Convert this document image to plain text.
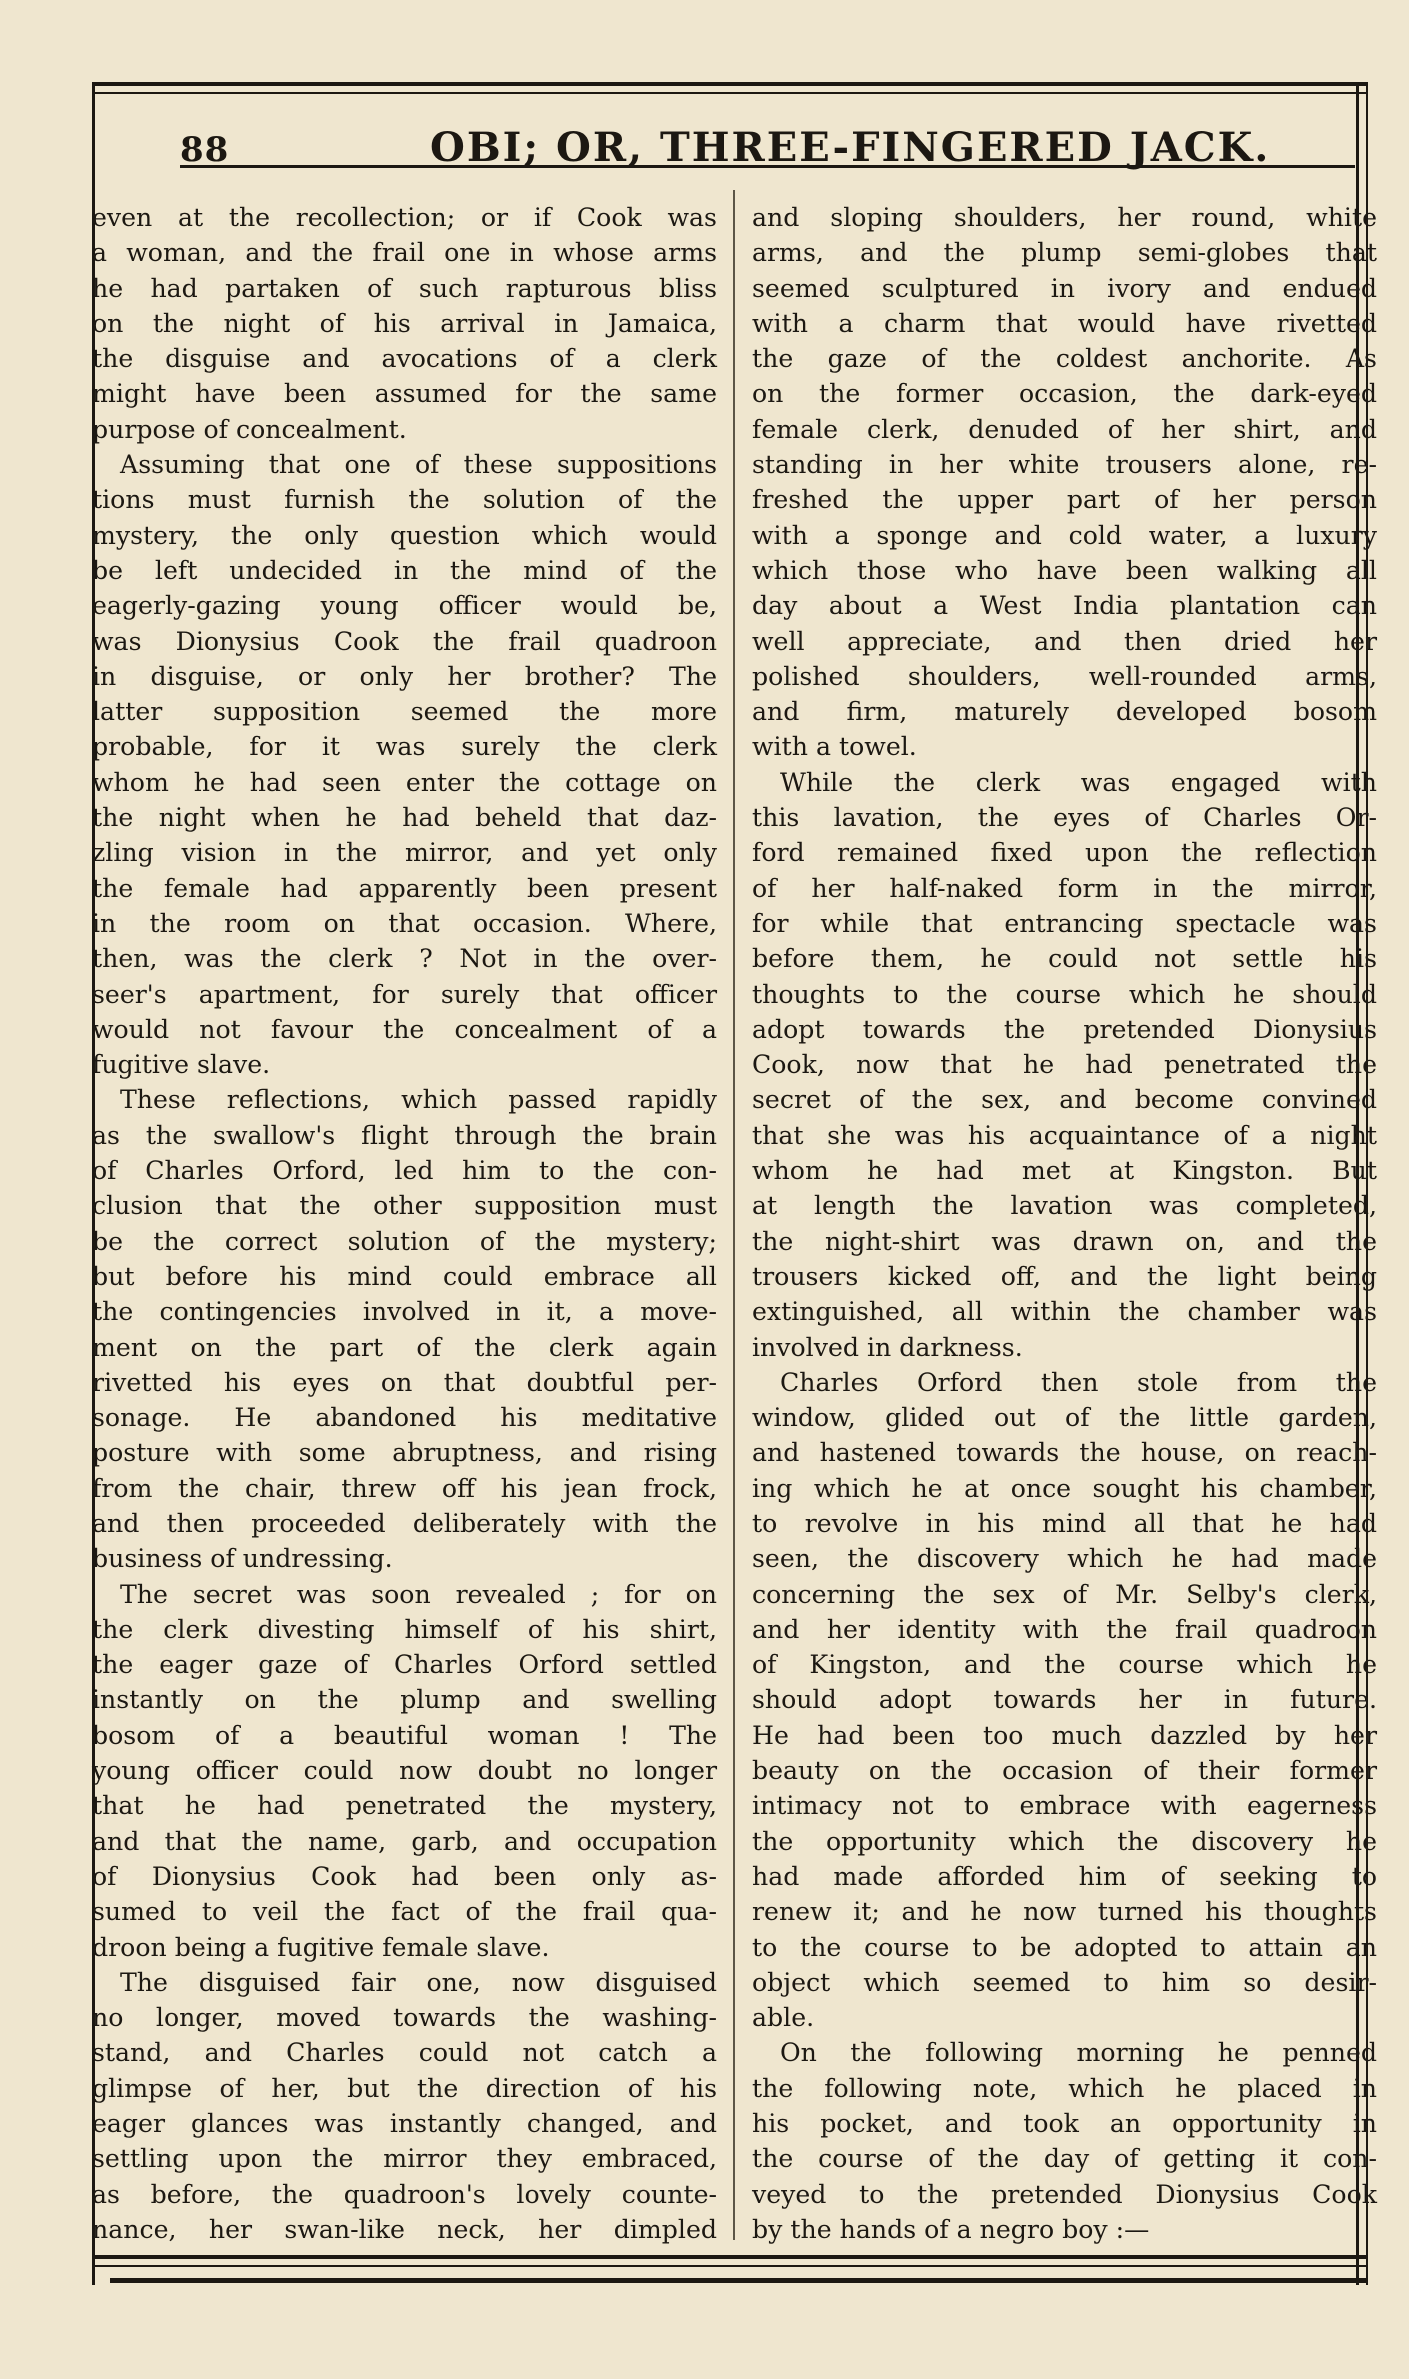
88	OBI; OR, THREE-FINGERED JACK.
even at the recollection; or if Cook was
a woman, and the frail one in whose arms
he had partaken of such rapturous bliss
on the night of his arrival in Jamaica,
the disguise and avocations of a clerk
might have been assumed for the same
purpose of concealment.
Assuming that one of these suppositions
tions must furnish the solution of the
mystery, the only question which would
be left undecided in the mind of the
eagerly-gazing young officer would be,
was Dionysius Cook the frail quadroon
in disguise, or only her brother? The
latter supposition seemed the more
probable, for it was surely the clerk
whom he had seen enter the cottage on
the night when he had beheld that daz-
zling vision in the mirror, and yet only
the female had apparently been present
in the room on that occasion. Where,
then, was the clerk ? Not in the over-
seer's apartment, for surely that officer
would not favour the concealment of a
fugitive slave.
These reflections, which passed rapidly
as the swallow's flight through the brain
of Charles Orford, led him to the con-
clusion that the other supposition must
be the correct solution of the mystery;
but before his mind could embrace all
the contingencies involved in it, a move-
ment on the part of the clerk again
rivetted his eyes on that doubtful per-
sonage. He abandoned his meditative
posture with some abruptness, and rising
from the chair, threw off his jean frock,
and then proceeded deliberately with the
business of undressing.
The secret was soon revealed ; for on
the clerk divesting himself of his shirt,
the eager gaze of Charles Orford settled
instantly on the plump and swelling
bosom of a beautiful woman ! The
young officer could now doubt no longer
that he had penetrated the mystery,
and that the name, garb, and occupation
of Dionysius Cook had been only as-
sumed to veil the fact of the frail qua-
droon being a fugitive female slave.
The disguised fair one, now disguised
no longer, moved towards the washing-
stand, and Charles could not catch a
glimpse of her, but the direction of his
eager glances was instantly changed, and
settling upon the mirror they embraced,
as before, the quadroon's lovely counte-
nance, her swan-like neck, her dimpled
and sloping shoulders, her round, white
arms, and the plump semi-globes that
seemed sculptured in ivory and endued
with a charm that would have rivetted
the gaze of the coldest anchorite. As
on the former occasion, the dark-eyed
female clerk, denuded of her shirt, and
standing in her white trousers alone, re-
freshed the upper part of her person
with a sponge and cold water, a luxury
which those who have been walking all
day about a West India plantation can
well appreciate, and then dried her
polished shoulders, well-rounded arms,
and firm, maturely developed bosom
with a towel.
While the clerk was engaged with
this lavation, the eyes of Charles Or-
ford remained fixed upon the reflection
of her half-naked form in the mirror,
for while that entrancing spectacle was
before them, he could not settle his
thoughts to the course which he should
adopt towards the pretended Dionysius
Cook, now that he had penetrated the
secret of the sex, and become convined
that she was his acquaintance of a night
whom he had met at Kingston. But
at length the lavation was completed,
the night-shirt was drawn on, and the
trousers kicked off, and the light being
extinguished, all within the chamber was
involved in darkness.
Charles Orford then stole from the
window, glided out of the little garden,
and hastened towards the house, on reach-
ing which he at once sought his chamber,
to revolve in his mind all that he had
seen, the discovery which he had made
concerning the sex of Mr. Selby's clerk,
and her identity with the frail quadroon
of Kingston, and the course which he
should adopt towards her in future.
He had been too much dazzled by her
beauty on the occasion of their former
intimacy not to embrace with eagerness
the opportunity which the discovery he
had made afforded him of seeking to
renew it; and he now turned his thoughts
to the course to be adopted to attain an
object which seemed to him so desir-
able.
On the following morning he penned
the following note, which he placed in
his pocket, and took an opportunity in
the course of the day of getting it con-
veyed to the pretended Dionysius Cook
by the hands of a negro boy :—
